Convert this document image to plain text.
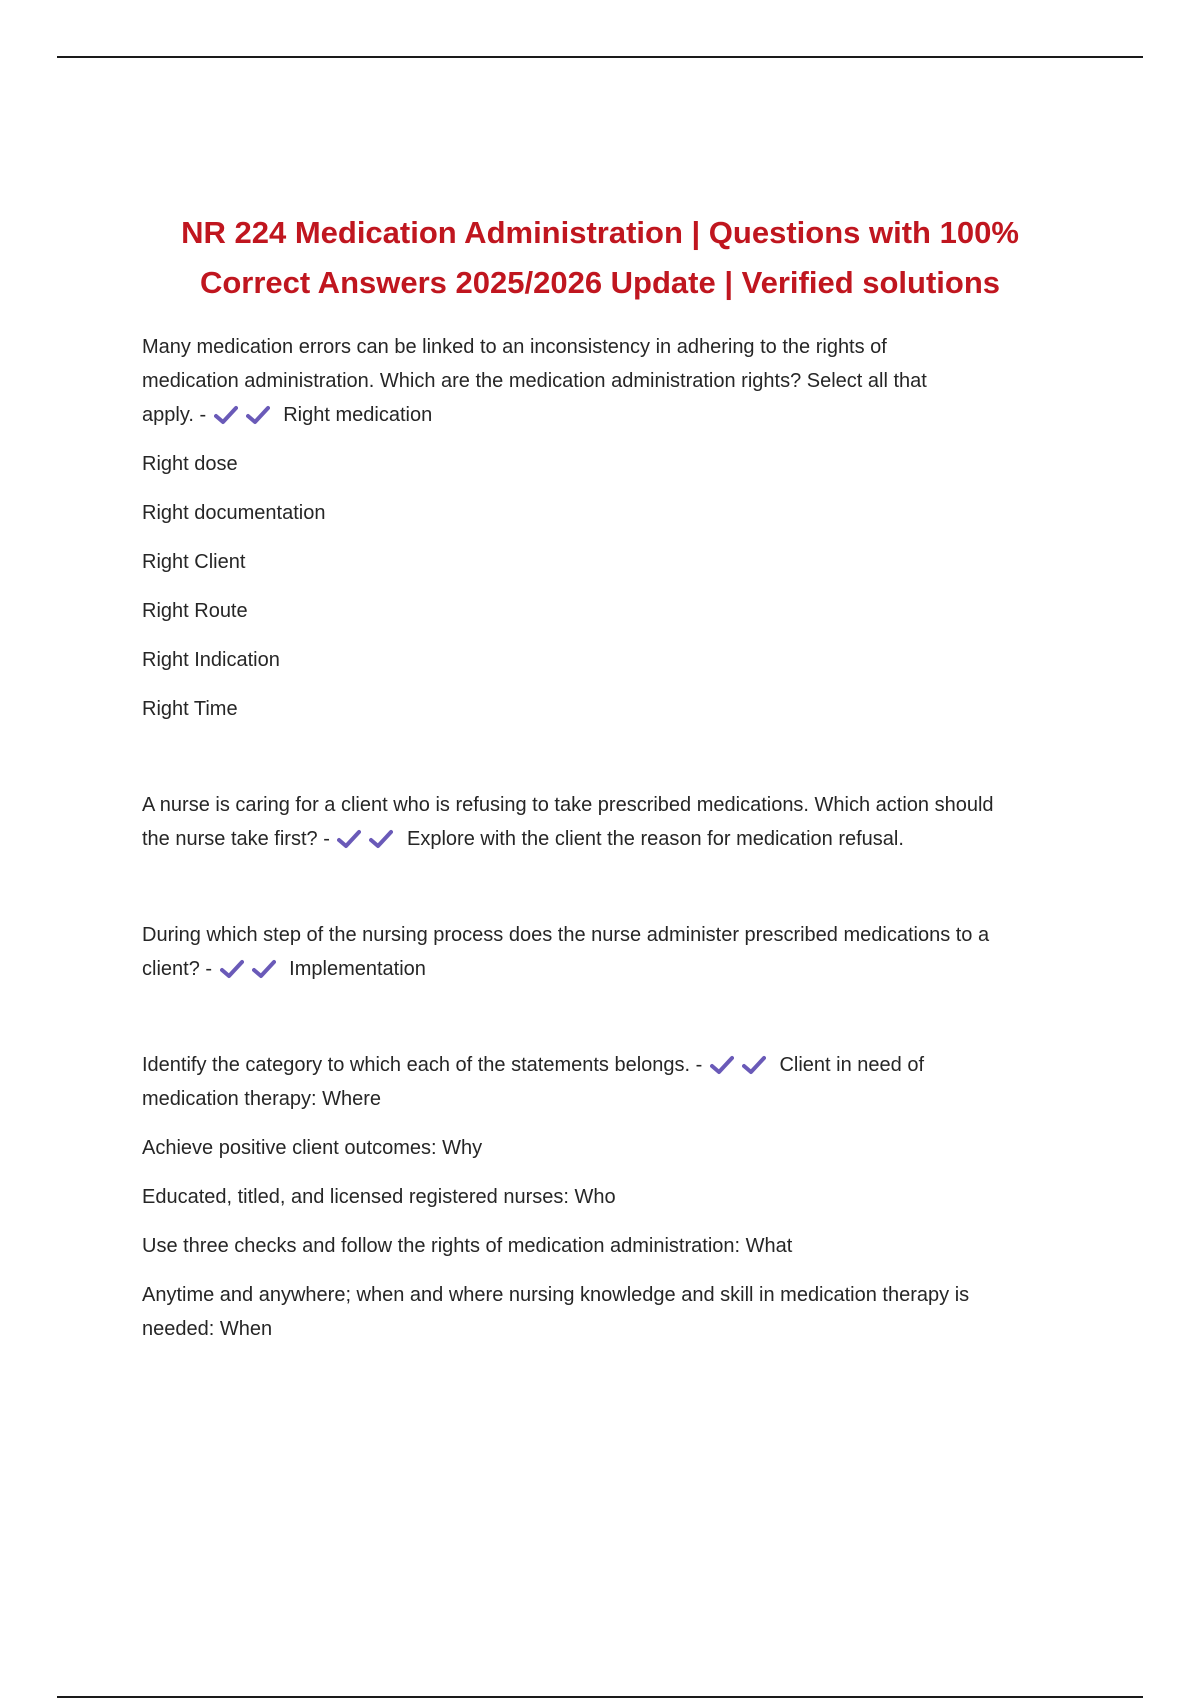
NR 224 Medication Administration | Questions with 100%
Correct Answers 2025/2026 Update | Verified solutions
Many medication errors can be linked to an inconsistency in adhering to the rights of
medication administration. Which are the medication administration rights? Select all that
apply. -	Right medication
Right dose
Right documentation
Right Client
Right Route
Right Indication
Right Time
A nurse is caring for a client who is refusing to take prescribed medications. Which action should
the nurse take first? -	Explore with the client the reason for medication refusal.
During which step of the nursing process does the nurse administer prescribed medications to a
client? -	Implementation
Identify the category to which each of the statements belongs. -	Client in need of
medication therapy: Where
Achieve positive client outcomes: Why
Educated, titled, and licensed registered nurses: Who
Use three checks and follow the rights of medication administration: What
Anytime and anywhere; when and where nursing knowledge and skill in medication therapy is
needed: When
